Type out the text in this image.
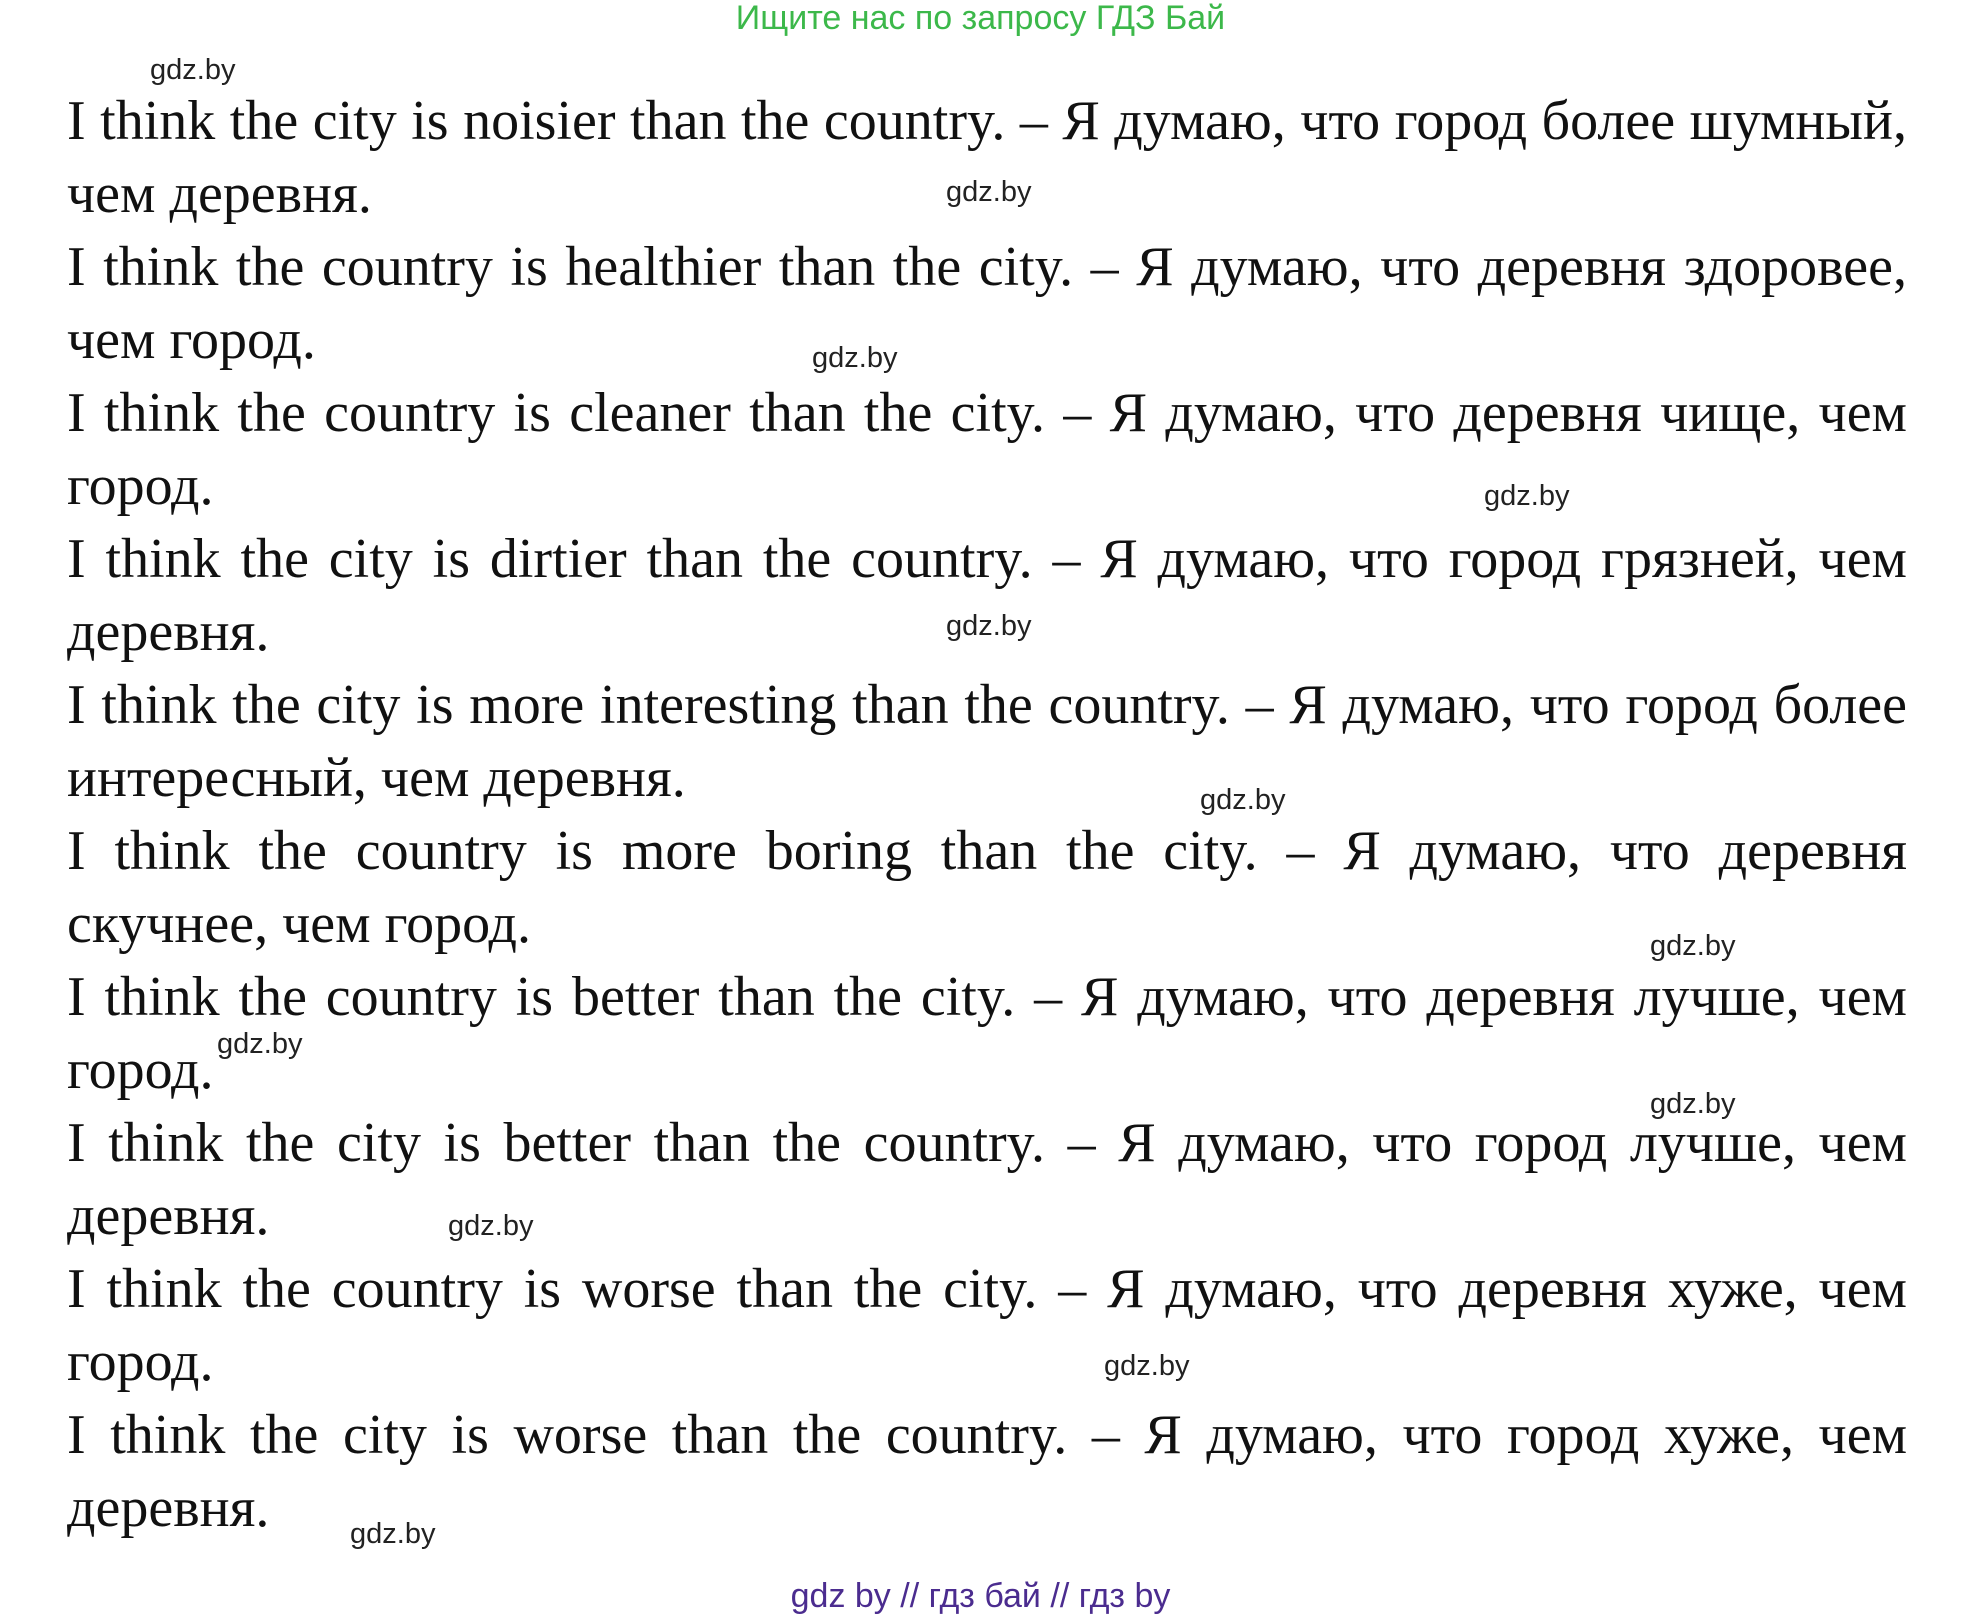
Ищите нас по запросу ГДЗ Бай

I think the city is noisier than the country. – Я думаю, что город более шумный, чем деревня.

I think the country is healthier than the city. – Я думаю, что деревня здоровее, чем город.

I think the country is cleaner than the city. – Я думаю, что деревня чище, чем город.

I think the city is dirtier than the country. – Я думаю, что город грязней, чем деревня.

I think the city is more interesting than the country. – Я думаю, что город более интересный, чем деревня.

I think the country is more boring than the city. – Я думаю, что деревня скучнее, чем город.

I think the country is better than the city. – Я думаю, что деревня лучше, чем город.

I think the city is better than the country. – Я думаю, что город лучше, чем деревня.

I think the country is worse than the city. – Я думаю, что деревня хуже, чем город.

I think the city is worse than the country. – Я думаю, что город хуже, чем деревня.

gdz.by
gdz.by
gdz.by
gdz.by
gdz.by
gdz.by
gdz.by
gdz.by
gdz.by
gdz.by
gdz.by
gdz.by
gdz by // гдз бай // гдз by
